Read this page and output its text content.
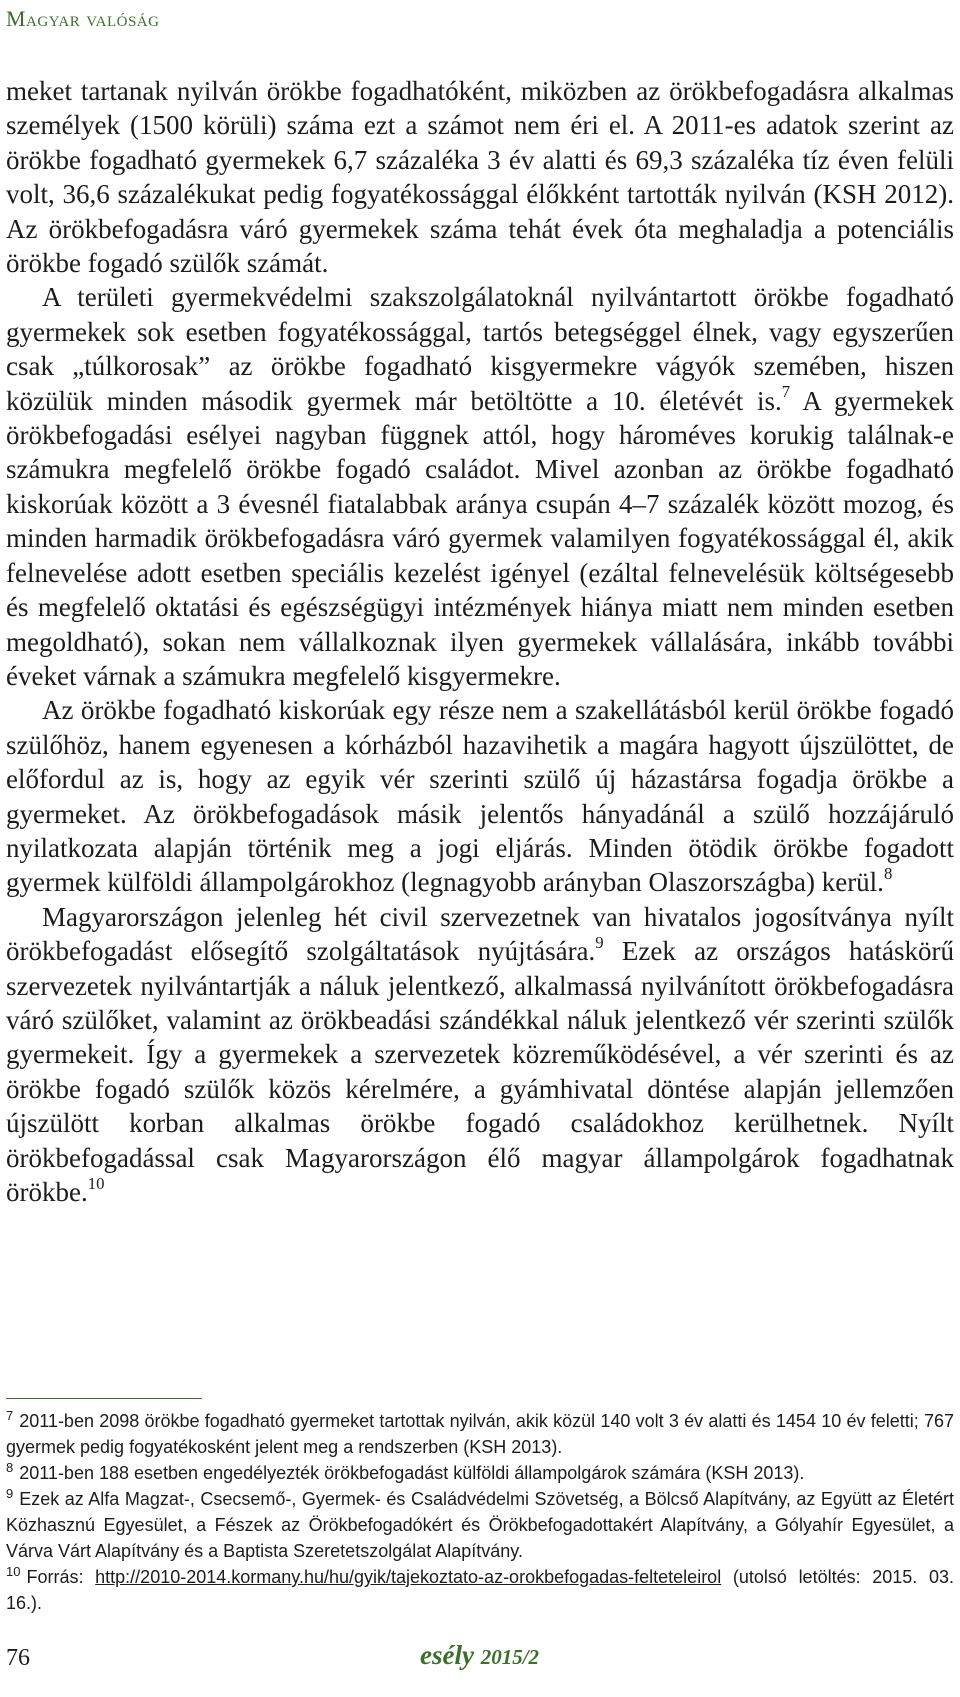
Magyar valóság

meket tartanak nyilván örökbe fogadhatóként, miközben az örökbefogadásra alkalmas személyek (1500 körüli) száma ezt a számot nem éri el. A 2011-es adatok szerint az örökbe fogadható gyermekek 6,7 százaléka 3 év alatti és 69,3 százaléka tíz éven felüli volt, 36,6 százalékukat pedig fogyatékossággal élőkként tartották nyilván (KSH 2012). Az örökbefogadásra váró gyermekek száma tehát évek óta meghaladja a potenciális örökbe fogadó szülők számát.

A területi gyermekvédelmi szakszolgálatoknál nyilvántartott örökbe fogadható gyermekek sok esetben fogyatékossággal, tartós betegséggel élnek, vagy egyszerűen csak „túlkorosak” az örökbe fogadható kisgyermekre vágyók szemében, hiszen közülük minden második gyermek már betöltötte a 10. életévét is.$^7$ A gyermekek örökbefogadási esélyei nagyban függnek attól, hogy hároméves korukig találnak-e számukra megfelelő örökbe fogadó családot. Mivel azonban az örökbe fogadható kiskorúak között a 3 évesnél fiatalabbak aránya csupán 4–7 százalék között mozog, és minden harmadik örökbefogadásra váró gyermek valamilyen fogyatékossággal él, akik felnevelése adott esetben speciális kezelést igényel (ezáltal felnevelésük költségesebb és megfelelő oktatási és egészségügyi intézmények hiánya miatt nem minden esetben megoldható), sokan nem vállalkoznak ilyen gyermekek vállalására, inkább további éveket várnak a számukra megfelelő kisgyermekre.

Az örökbe fogadható kiskorúak egy része nem a szakellátásból kerül örökbe fogadó szülőhöz, hanem egyenesen a kórházból hazavihetik a magára hagyott újszülöttet, de előfordul az is, hogy az egyik vér szerinti szülő új házastársa fogadja örökbe a gyermeket. Az örökbefogadások másik jelentős hányadánál a szülő hozzájáruló nyilatkozata alapján történik meg a jogi eljárás. Minden ötödik örökbe fogadott gyermek külföldi állampolgárokhoz (legnagyobb arányban Olaszországba) kerül.$^8$

Magyarországon jelenleg hét civil szervezetnek van hivatalos jogosítványa nyílt örökbefogadást elősegítő szolgáltatások nyújtására.$^9$ Ezek az országos hatáskörű szervezetek nyilvántartják a náluk jelentkező, alkalmassá nyilvánított örökbefogadásra váró szülőket, valamint az örökbeadási szándékkal náluk jelentkező vér szerinti szülők gyermekeit. Így a gyermekek a szervezetek közreműködésével, a vér szerinti és az örökbe fogadó szülők közös kérelmére, a gyámhivatal döntése alapján jellemzően újszülött korban alkalmas örökbe fogadó családokhoz kerülhetnek. Nyílt örökbefogadással csak Magyarországon élő magyar állampolgárok fogadhatnak örökbe.$^{10}$

$^7$ 2011-ben 2098 örökbe fogadható gyermeket tartottak nyilván, akik közül 140 volt 3 év alatti és 1454 10 év feletti; 767 gyermek pedig fogyatékosként jelent meg a rendszerben (KSH 2013).

$^8$ 2011-ben 188 esetben engedélyezték örökbefogadást külföldi állampolgárok számára (KSH 2013).

$^9$ Ezek az Alfa Magzat-, Csecsemő-, Gyermek- és Családvédelmi Szövetség, a Bölcső Alapítvány, az Együtt az Életért Közhasznú Egyesület, a Fészek az Örökbefogadókért és Örökbefogadottakért Alapítvány, a Gólyahír Egyesület, a Várva Várt Alapítvány és a Baptista Szeretetszolgálat Alapítvány.

$^{10}$ Forrás: http://2010-2014.kormany.hu/hu/gyik/tajekoztato-az-orokbefogadas-felteteleirol (utolsó letöltés: 2015. 03. 16.).

76	esély 2015/2
